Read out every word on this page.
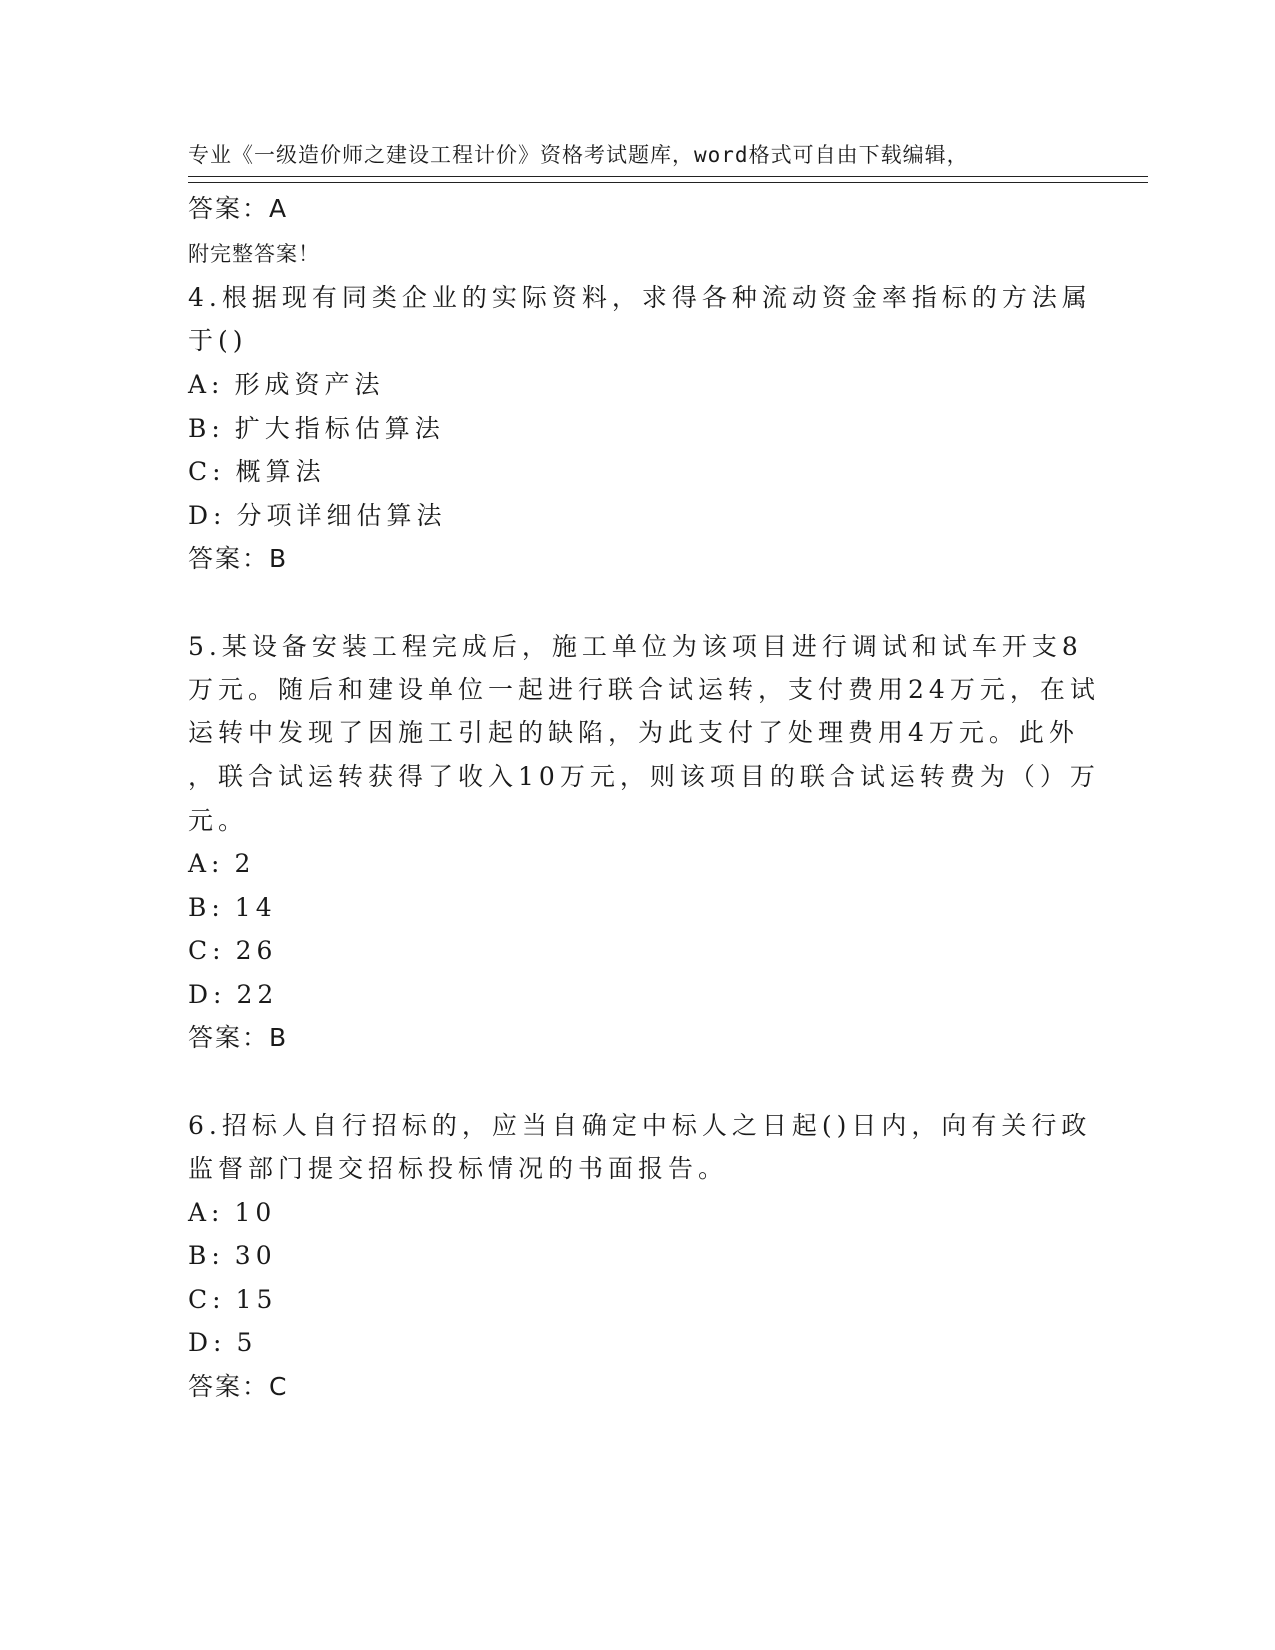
专业《一级造价师之建设工程计价》资格考试题库，word格式可自由下载编辑，

附完整答案！

答案：A
4.根据现有同类企业的实际资料，求得各种流动资金率指标的方法属
于()
A: 形成资产法
B: 扩大指标估算法
C: 概算法
D: 分项详细估算法
答案：B
5.某设备安装工程完成后，施工单位为该项目进行调试和试车开支8
万元。随后和建设单位一起进行联合试运转，支付费用24万元，在试
运转中发现了因施工引起的缺陷，为此支付了处理费用4万元。此外
，联合试运转获得了收入10万元，则该项目的联合试运转费为（）万
元。
A: 2
B: 14
C: 26
D: 22
答案：B
6.招标人自行招标的，应当自确定中标人之日起()日内，向有关行政
监督部门提交招标投标情况的书面报告。
A: 10
B: 30
C: 15
D: 5
答案：C
